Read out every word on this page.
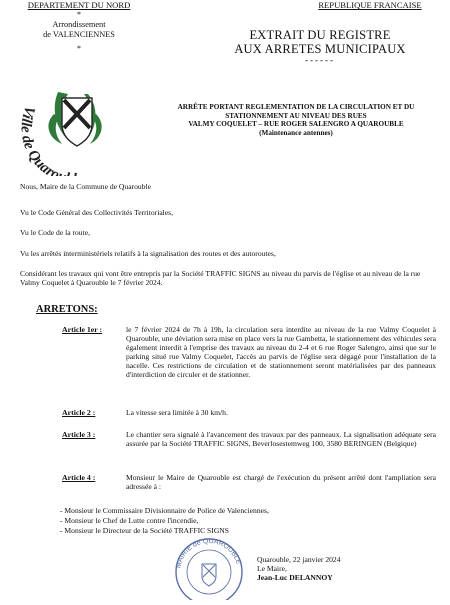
DEPARTEMENT DU NORD
*
Arrondissement
de VALENCIENNES
*
REPUBLIQUE FRANCAISE
EXTRAIT DU REGISTRE
AUX ARRETES MUNICIPAUX
------
Ville de Quaro
ARRÊTE PORTANT REGLEMENTATION DE LA CIRCULATION ET DU
STATIONNEMENT AU NIVEAU DES RUES
VALMY COQUELET – RUE ROGER SALENGRO A QUAROUBLE
(Maintenance antennes)
Nous, Maire de la Commune de Quarouble
Vu le Code Général des Collectivités Territoriales,
Vu le Code de la route,
Vu les arrêtés interministériels relatifs à la signalisation des routes et des autoroutes,
Considérant les travaux qui vont être entrepris par la Société TRAFFIC SIGNS au niveau du parvis de l'église et au niveau de la rue Valmy Coquelet à Quarouble le 7 février 2024.
ARRETONS:
Article 1er :	le 7 février 2024 de 7h à 19h, la circulation sera interdite au niveau de la rue Valmy Coquelet à Quarouble, une déviation sera mise en place vers la rue Gambetta, le stationnement des véhicules sera également interdit à l'emprise des travaux au niveau du 2-4 et 6 rue Roger Salengro, ainsi que sur le parking situé rue Valmy Coquelet, l'accès au parvis de l'église sera dégagé pour l'installation de la nacelle. Ces restrictions de circulation et de stationnement seront matérialisées par des panneaux d'interdiction de circuler et de stationner.
Article 2 :	La vitesse sera limitée à 30 km/h.
Article 3 :	Le chantier sera signalé à l'avancement des travaux par des panneaux. La signalisation adéquate sera assurée par la Société TRAFFIC SIGNS, Beverlosestemweg 100, 3580 BERINGEN (Belgique)
Article 4 :	Monsieur le Maire de Quarouble est chargé de l'exécution du présent arrêté dont l'ampliation sera adressée à :
- Monsieur le Commissaire Divisionnaire de Police de Valenciennes,
- Monsieur le Chef de Lutte contre l'incendie,
- Monsieur le Directeur de la Société TRAFFIC SIGNS
MAIRIE de QUAROUBLE Quarouble, 22 janvier 2024
Le Maire,
Jean-Luc DELANNOY
